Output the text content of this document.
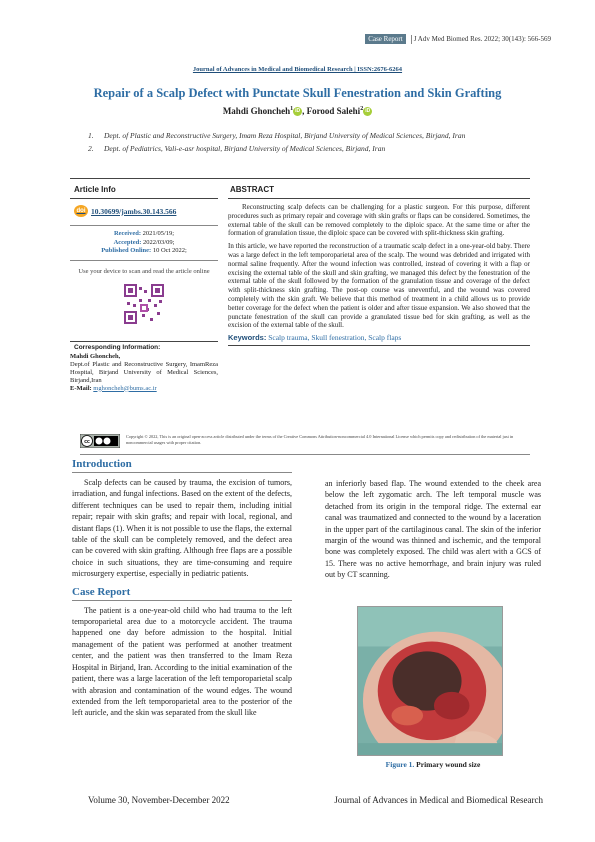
Case Report	J Adv Med Biomed Res. 2022; 30(143): 566-569
Journal of Advances in Medical and Biomedical Research | ISSN:2676-6264
Repair of a Scalp Defect with Punctate Skull Fenestration and Skin Grafting
Mahdi Ghoncheh$^1$ iD , Forood Salehi$^2$ iD
1.	Dept. of Plastic and Reconstructive Surgery, Imam Reza Hospital, Birjand University of Medical Sciences, Birjand, Iran
2.	Dept. of Pediatrics, Vali-e-asr hospital, Birjand University of Medical Sciences, Birjand, Iran
Article Info
doi 10.30699/jambs.30.143.566
Received: 2021/05/19;
Accepted: 2022/03/09;
Published Online: 10 Oct 2022;
Use your device to scan and read the article online
Corresponding Information:
Mahdi Ghoncheh,
Dept.of Plastic and Reconstructive Surgery, ImamReza Hospital, Birjand University of Medical Sciences, Birjand,Iran
E-Mail: mghoncheh@bums.ac.ir
ABSTRACT

Reconstructing scalp defects can be challenging for a plastic surgeon. For this purpose, different procedures such as primary repair and coverage with skin grafts or flaps can be considered. Sometimes, the external table of the skull can be removed completely to the diploic space. At the same time or after the formation of granulation tissue, the diploic space can be covered with split-thickness skin grafting.

In this article, we have reported the reconstruction of a traumatic scalp defect in a one-year-old baby. There was a large defect in the left temporoparietal area of the scalp. The wound was debrided and irrigated with normal saline frequently. After the wound infection was controlled, instead of covering it with a flap or excising the external table of the skull and skin grafting, we managed this defect by the fenestration of the external table of the skull followed by the formation of the granulation tissue and coverage of the defect with split-thickness skin grafting. The post-op course was uneventful, and the wound was covered completely with the skin graft. We believe that this method of treatment in a child allows us to provide better coverage for the defect when the patient is older and after tissue expansion. We also showed that the punctate fenestration of the skull can provide a granulated tissue bed for skin grafting, as well as the excision of the external table of the skull.

Keywords: Scalp trauma, Skull fenestration, Scalp flaps
cc
Copyright © 2022, This is an original open-access article distributed under the terms of the Creative Commons Attribution-noncommercial 4.0 International License which permits copy and redistribution of the material just in noncommercial usages with proper citation.
Introduction

Scalp defects can be caused by trauma, the excision of tumors, irradiation, and fungal infections. Based on the extent of the defects, different techniques can be used to repair them, including initial repair; repair with skin grafts; and repair with local, regional, and distant flaps (1). When it is not possible to use the flaps, the external table of the skull can be completely removed, and the defect area can be covered with skin grafting. Although free flaps are a possible choice in such situations, they are time-consuming and require microsurgery expertise, especially in pediatric patients.

Case Report

The patient is a one-year-old child who had trauma to the left temporoparietal area due to a motorcycle accident. The trauma happened one day before admission to the hospital. Initial management of the patient was performed at another treatment center, and the patient was then transferred to the Imam Reza Hospital in Birjand, Iran. According to the initial examination of the patient, there was a large laceration of the left temporoparietal scalp with abrasion and contamination of the wound edges. The wound extended from the left temporoparietal area to the posterior of the left auricle, and the skin was separated from the skull like

an inferiorly based flap. The wound extended to the cheek area below the left zygomatic arch. The left temporal muscle was detached from its origin in the temporal ridge. The external ear canal was traumatized and connected to the wound by a laceration in the upper part of the cartilaginous canal. The skin of the inferior margin of the wound was thinned and ischemic, and the temporal bone was completely exposed. The child was alert with a GCS of 15. There was no active hemorrhage, and brain injury was ruled out by CT scanning.

Figure 1. Primary wound size
Volume 30, November-December 2022	Journal of Advances in Medical and Biomedical Research
